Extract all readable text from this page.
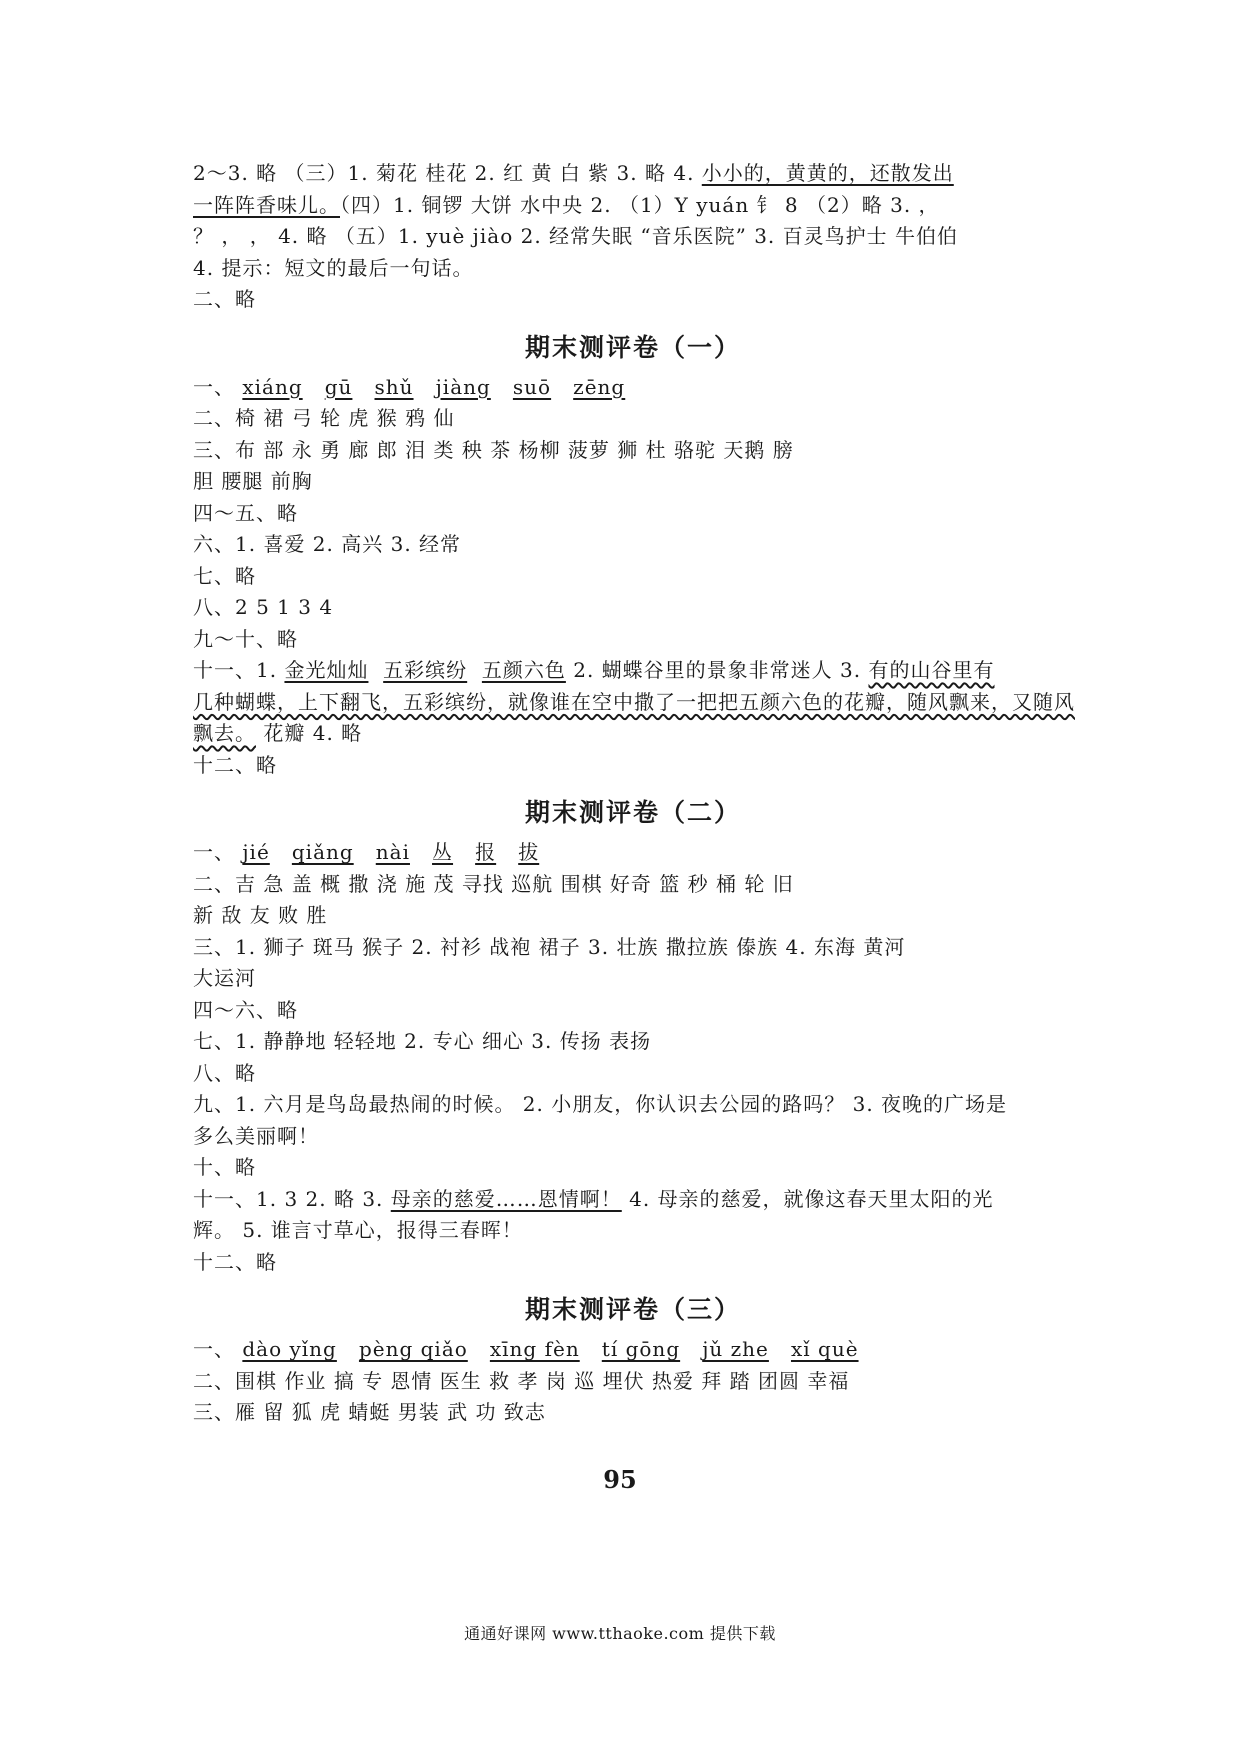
2～3. 略 （三）1. 菊花 桂花 2. 红 黄 白 紫 3. 略 4. 小小的，黄黄的，还散发出
一阵阵香味儿。（四）1. 铜锣 大饼 水中央 2. （1）Y yuán 钅 8 （2）略 3. ，
？ ， ， 4. 略 （五）1. yuè jiào 2. 经常失眠 “音乐医院” 3. 百灵鸟护士 牛伯伯
4. 提示：短文的最后一句话。
二、略
期末测评卷（一）
一、 xiáng gū shǔ jiàng suō zēng
二、椅 裙 弓 轮 虎 猴 鸦 仙
三、布 部 永 勇 廊 郎 泪 类 秧 茶 杨柳 菠萝 狮 杜 骆驼 天鹅 膀
胆 腰腿 前胸
四～五、略
六、1. 喜爱 2. 高兴 3. 经常
七、略
八、2 5 1 3 4
九～十、略
十一、1. 金光灿灿 五彩缤纷 五颜六色 2. 蝴蝶谷里的景象非常迷人 3. 有的山谷里有
几种蝴蝶，上下翻飞，五彩缤纷，就像谁在空中撒了一把把五颜六色的花瓣，随风飘来，又随风
飘去。 花瓣 4. 略
十二、略
期末测评卷（二）
一、 jié qiǎng nài 丛 报 拔
二、吉 急 盖 概 撒 浇 施 茂 寻找 巡航 围棋 好奇 篮 秒 桶 轮 旧
新 敌 友 败 胜
三、1. 狮子 斑马 猴子 2. 衬衫 战袍 裙子 3. 壮族 撒拉族 傣族 4. 东海 黄河
大运河
四～六、略
七、1. 静静地 轻轻地 2. 专心 细心 3. 传扬 表扬
八、略
九、1. 六月是鸟岛最热闹的时候。 2. 小朋友，你认识去公园的路吗？ 3. 夜晚的广场是
多么美丽啊！
十、略
十一、1. 3 2. 略 3. 母亲的慈爱……恩情啊！ 4. 母亲的慈爱，就像这春天里太阳的光
辉。 5. 谁言寸草心，报得三春晖！
十二、略
期末测评卷（三）
一、 dào yǐng pèng qiǎo xīng fèn tí gōng jǔ zhe xǐ què
二、围棋 作业 搞 专 恩情 医生 救 孝 岗 巡 埋伏 热爱 拜 踏 团圆 幸福
三、雁 留 狐 虎 蜻蜓 男装 武 功 致志
95
通通好课网 www.tthaoke.com 提供下载
